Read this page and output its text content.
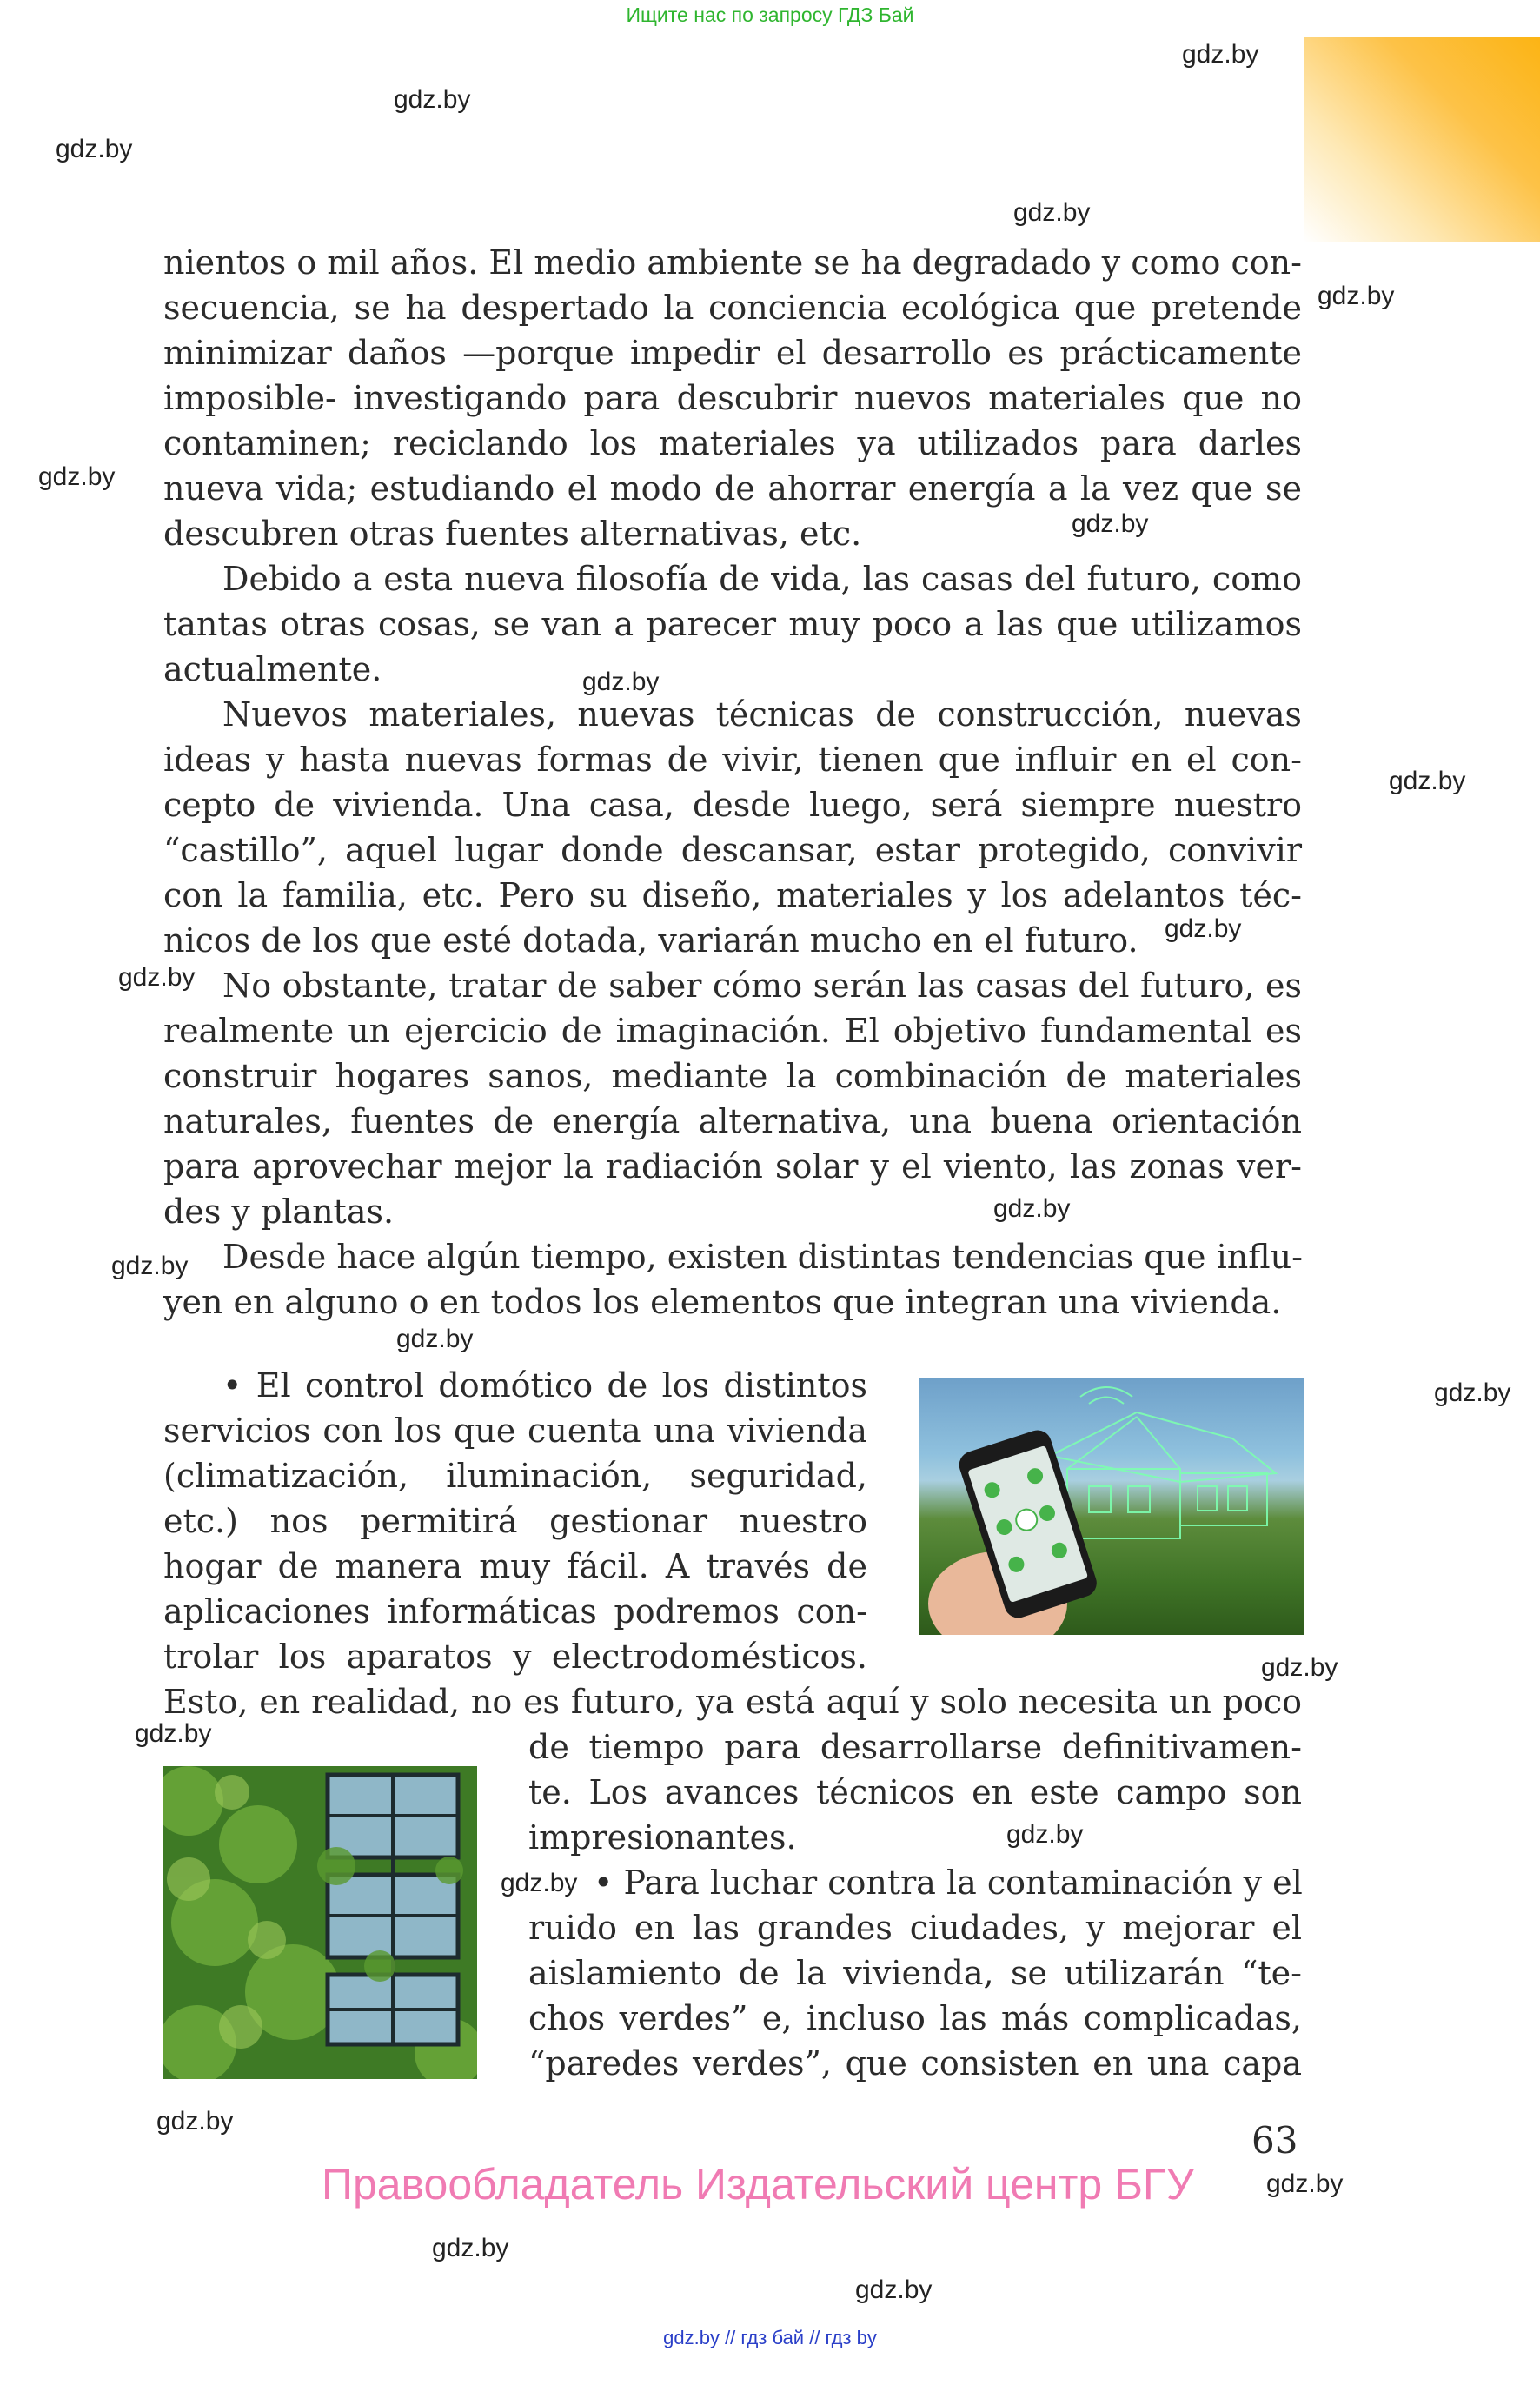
Ищите нас по запросу ГДЗ Бай
gdz.by
gdz.by
gdz.by
gdz.by
gdz.by
gdz.by
gdz.by
gdz.by
gdz.by
gdz.by
gdz.by
gdz.by
gdz.by
gdz.by
gdz.by
gdz.by
gdz.by
gdz.by
gdz.by
gdz.by
gdz.by
gdz.by
gdz.by
nientos o mil años. El medio ambiente se ha degradado y como con-
secuencia, se ha despertado la conciencia ecológica que pretende
minimizar daños —porque impedir el desarrollo es prácticamente
imposible- investigando para descubrir nuevos materiales que no
contaminen; reciclando los materiales ya utilizados para darles
nueva vida; estudiando el modo de ahorrar energía a la vez que se
descubren otras fuentes alternativas, etc.
Debido a esta nueva filosofía de vida, las casas del futuro, como
tantas otras cosas, se van a parecer muy poco a las que utilizamos
actualmente.
Nuevos materiales, nuevas técnicas de construcción, nuevas
ideas y hasta nuevas formas de vivir, tienen que influir en el con-
cepto de vivienda. Una casa, desde luego, será siempre nuestro
“castillo”, aquel lugar donde descansar, estar protegido, convivir
con la familia, etc. Pero su diseño, materiales y los adelantos téc-
nicos de los que esté dotada, variarán mucho en el futuro.
No obstante, tratar de saber cómo serán las casas del futuro, es
realmente un ejercicio de imaginación. El objetivo fundamental es
construir hogares sanos, mediante la combinación de materiales
naturales, fuentes de energía alternativa, una buena orientación
para aprovechar mejor la radiación solar y el viento, las zonas ver-
des y plantas.
Desde hace algún tiempo, existen distintas tendencias que influ-
yen en alguno o en todos los elementos que integran una vivienda.
• El control domótico de los distintos
servicios con los que cuenta una vivienda
(climatización, iluminación, seguridad,
etc.) nos permitirá gestionar nuestro
hogar de manera muy fácil. A través de
aplicaciones informáticas podremos con-
trolar los aparatos y electrodomésticos.
Esto, en realidad, no es futuro, ya está aquí y solo necesita un poco
de tiempo para desarrollarse definitivamen-
te. Los avances técnicos en este campo son
impresionantes.
• Para luchar contra la contaminación y el
ruido en las grandes ciudades, y mejorar el
aislamiento de la vivienda, se utilizarán “te-
chos verdes” e, incluso las más complicadas,
“paredes verdes”, que consisten en una capa
63
Правообладатель Издательский центр БГУ
gdz.by // гдз бай // гдз by
